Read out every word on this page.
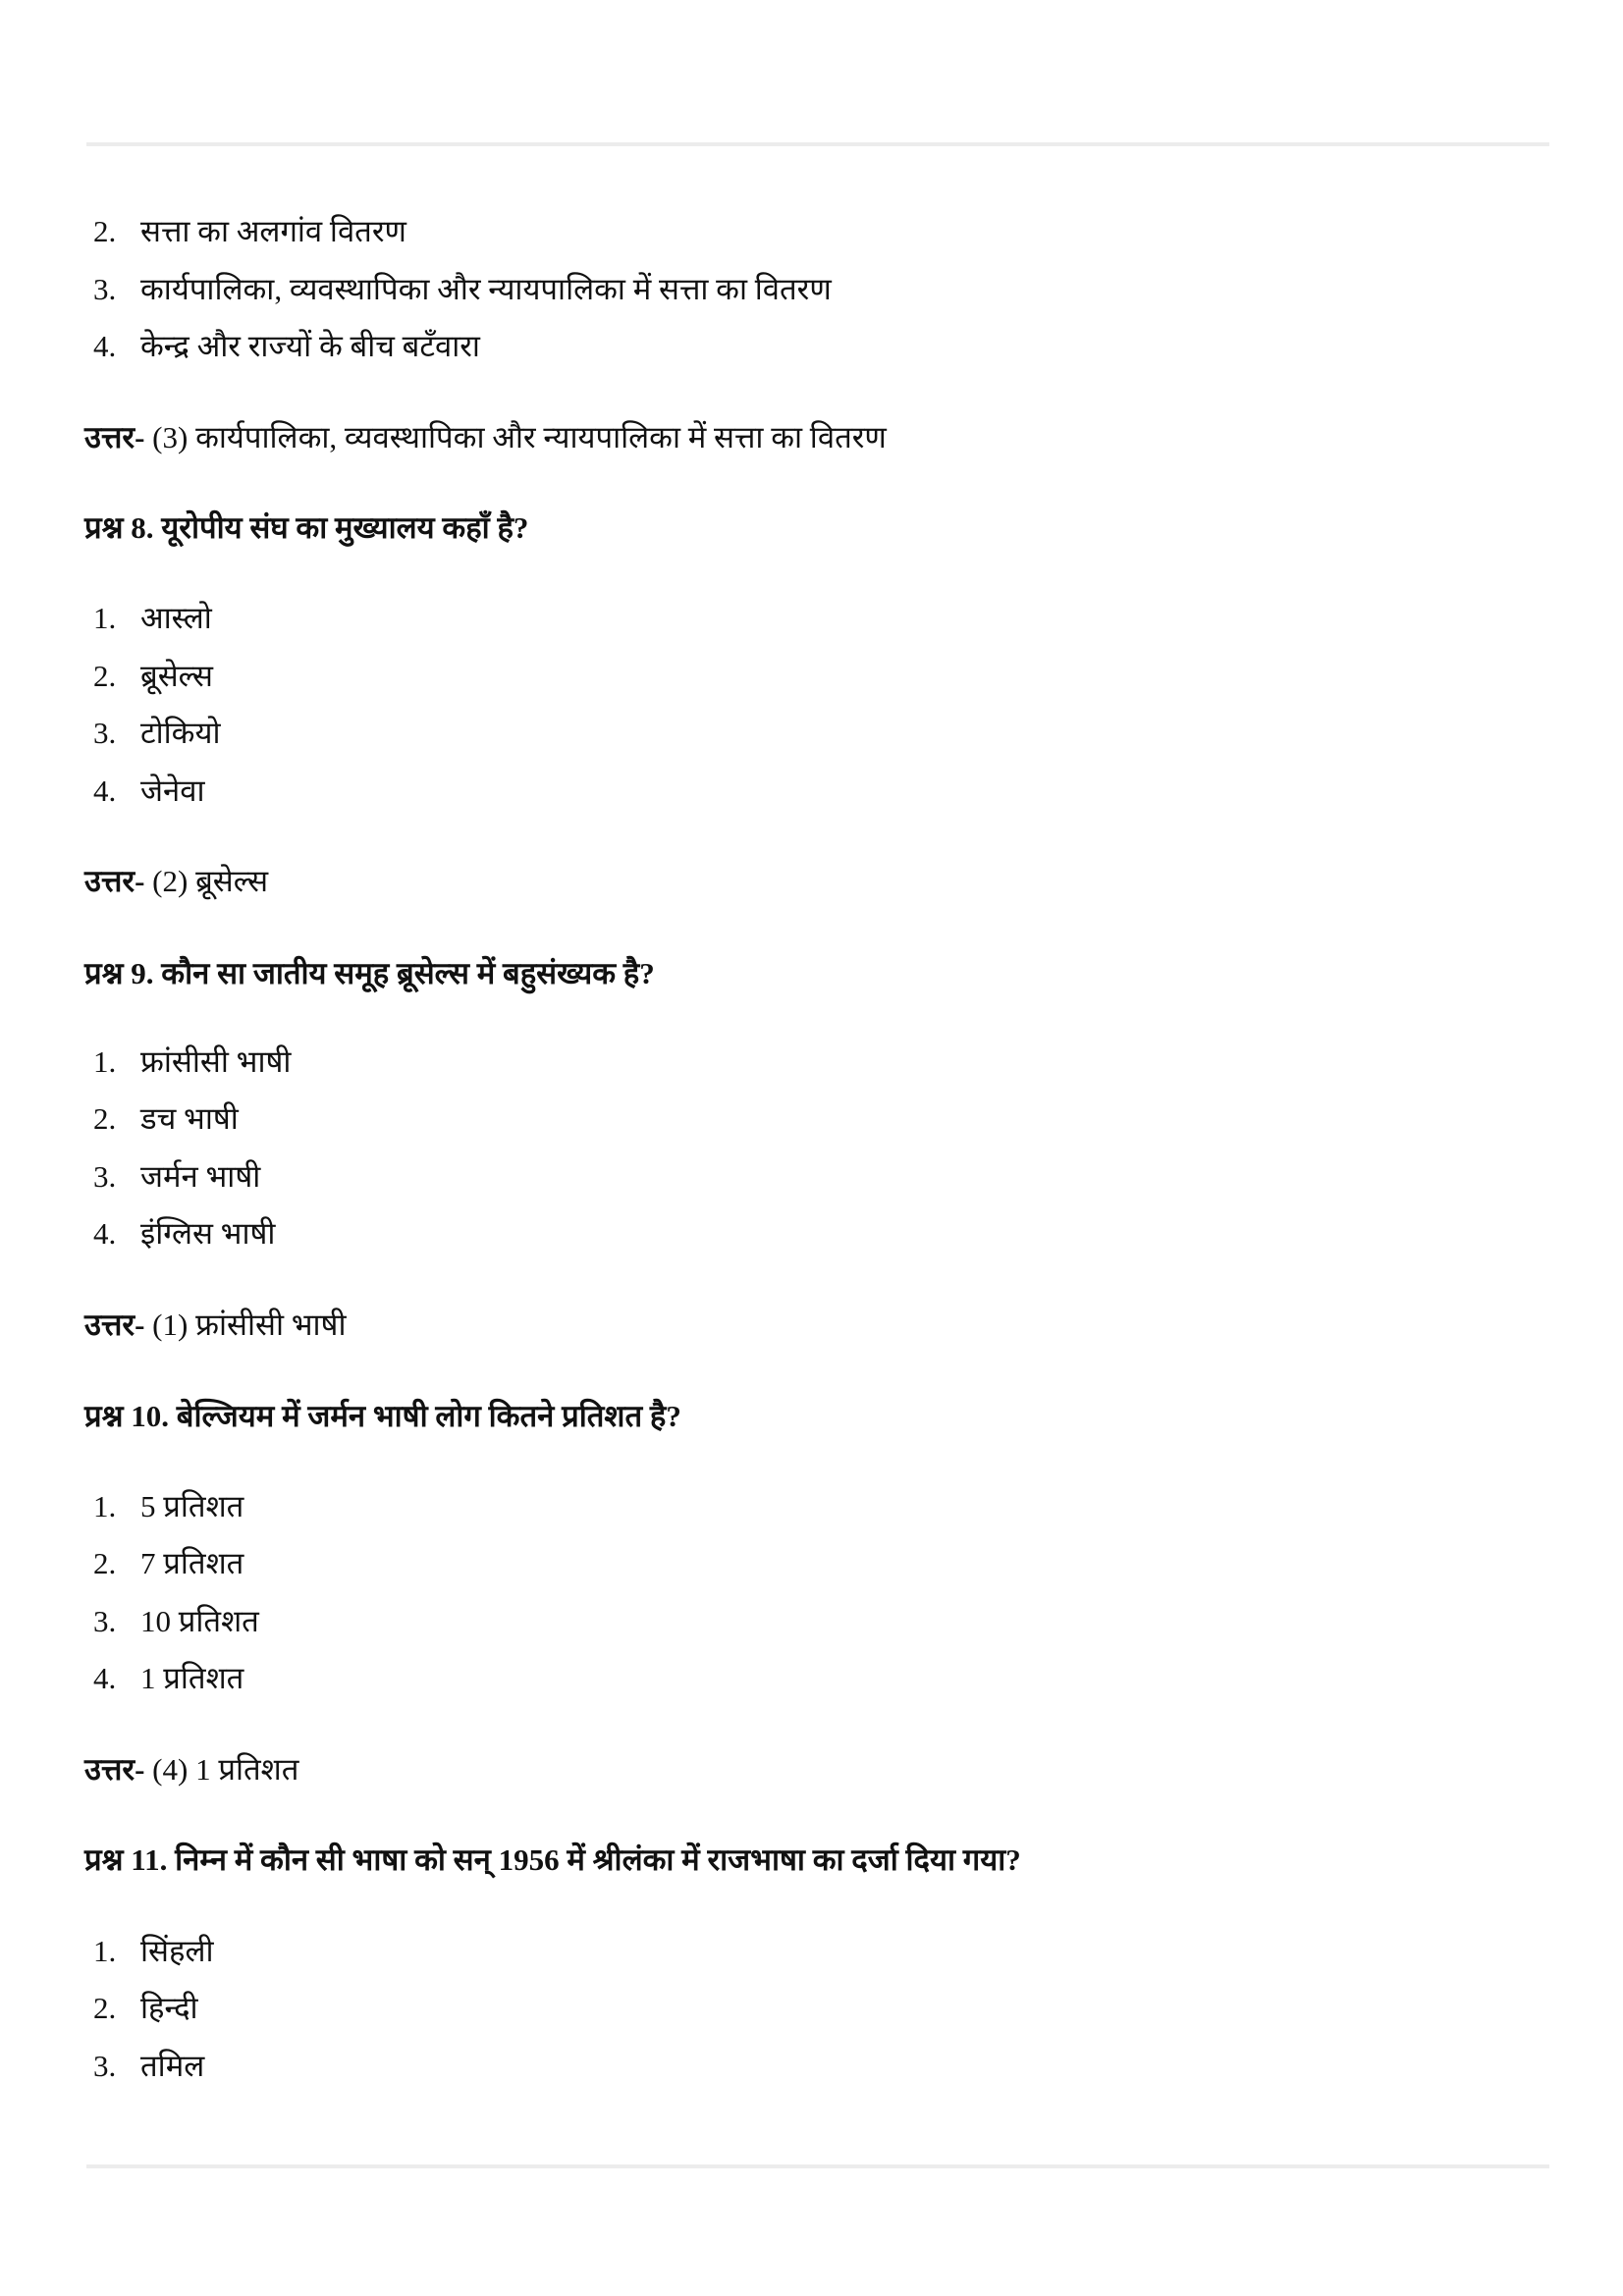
2. सत्ता का अलगांव वितरण
3. कार्यपालिका, व्यवस्थापिका और न्यायपालिका में सत्ता का वितरण
4. केन्द्र और राज्यों के बीच बटँवारा
उत्तर- (3) कार्यपालिका, व्यवस्थापिका और न्यायपालिका में सत्ता का वितरण
प्रश्न 8. यूरोपीय संघ का मुख्यालय कहाँ है?
1. आस्लो
2. ब्रूसेल्स
3. टोकियो
4. जेनेवा
उत्तर- (2) ब्रूसेल्स
प्रश्न 9. कौन सा जातीय समूह ब्रूसेल्स में बहुसंख्यक है?
1. फ्रांसीसी भाषी
2. डच भाषी
3. जर्मन भाषी
4. इंग्लिस भाषी
उत्तर- (1) फ्रांसीसी भाषी
प्रश्न 10. बेल्जियम में जर्मन भाषी लोग कितने प्रतिशत है?
1. 5 प्रतिशत
2. 7 प्रतिशत
3. 10 प्रतिशत
4. 1 प्रतिशत
उत्तर- (4) 1 प्रतिशत
प्रश्न 11. निम्न में कौन सी भाषा को सन् 1956 में श्रीलंका में राजभाषा का दर्जा दिया गया?
1. सिंहली
2. हिन्दी
3. तमिल
